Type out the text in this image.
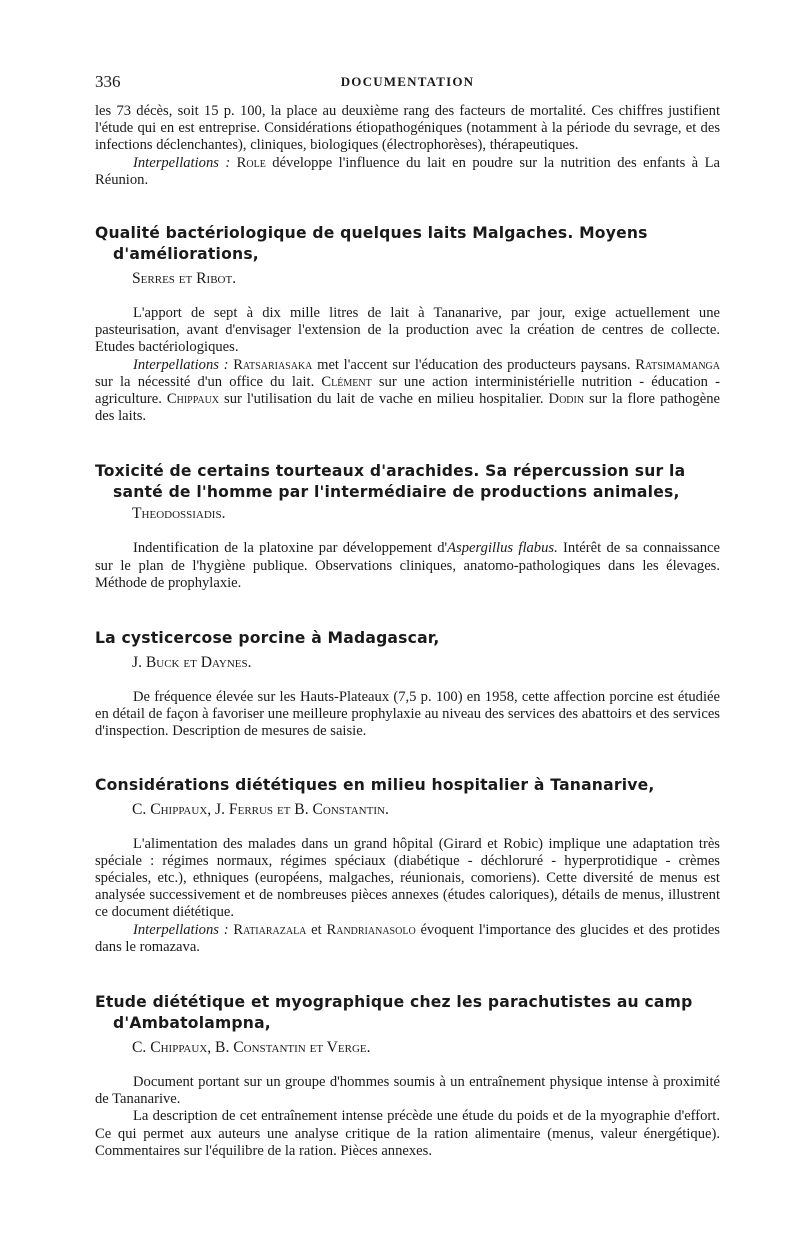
336	DOCUMENTATION

les 73 décès, soit 15 p. 100, la place au deuxième rang des facteurs de mortalité. Ces chiffres justifient l'étude qui en est entreprise. Considérations étiopathogéniques (notamment à la période du sevrage, et des infections déclenchantes), cliniques, biologiques (électrophorèses), thérapeutiques.

Interpellations : Role développe l'influence du lait en poudre sur la nutrition des enfants à La Réunion.

Qualité bactériologique de quelques laits Malgaches. Moyens d'améliorations,
Serres et Ribot.

L'apport de sept à dix mille litres de lait à Tananarive, par jour, exige actuellement une pasteurisation, avant d'envisager l'extension de la production avec la création de centres de collecte. Etudes bactériologiques.

Interpellations : Ratsariasaka met l'accent sur l'éducation des producteurs paysans. Ratsimamanga sur la nécessité d'un office du lait. Clément sur une action interministérielle nutrition - éducation - agriculture. Chippaux sur l'utilisation du lait de vache en milieu hospitalier. Dodin sur la flore pathogène des laits.

Toxicité de certains tourteaux d'arachides. Sa répercussion sur la santé de l'homme par l'intermédiaire de productions animales,
Theodossiadis.

Indentification de la platoxine par développement d'Aspergillus flabus. Intérêt de sa connaissance sur le plan de l'hygiène publique. Observations cliniques, anatomo-pathologiques dans les élevages. Méthode de prophylaxie.

La cysticercose porcine à Madagascar,
J. Buck et Daynes.

De fréquence élevée sur les Hauts-Plateaux (7,5 p. 100) en 1958, cette affection porcine est étudiée en détail de façon à favoriser une meilleure prophylaxie au niveau des services des abattoirs et des services d'inspection. Description de mesures de saisie.

Considérations diététiques en milieu hospitalier à Tananarive,
C. Chippaux, J. Ferrus et B. Constantin.

L'alimentation des malades dans un grand hôpital (Girard et Robic) implique une adaptation très spéciale : régimes normaux, régimes spéciaux (diabétique - déchloruré - hyperprotidique - crèmes spéciales, etc.), ethniques (européens, malgaches, réunionais, comoriens). Cette diversité de menus est analysée successivement et de nombreuses pièces annexes (études caloriques), détails de menus, illustrent ce document diététique.

Interpellations : Ratiarazala et Randrianasolo évoquent l'importance des glucides et des protides dans le romazava.

Etude diététique et myographique chez les parachutistes au camp d'Ambatolampna,
C. Chippaux, B. Constantin et Verge.

Document portant sur un groupe d'hommes soumis à un entraînement physique intense à proximité de Tananarive.

La description de cet entraînement intense précède une étude du poids et de la myographie d'effort. Ce qui permet aux auteurs une analyse critique de la ration alimentaire (menus, valeur énergétique). Commentaires sur l'équilibre de la ration. Pièces annexes.
